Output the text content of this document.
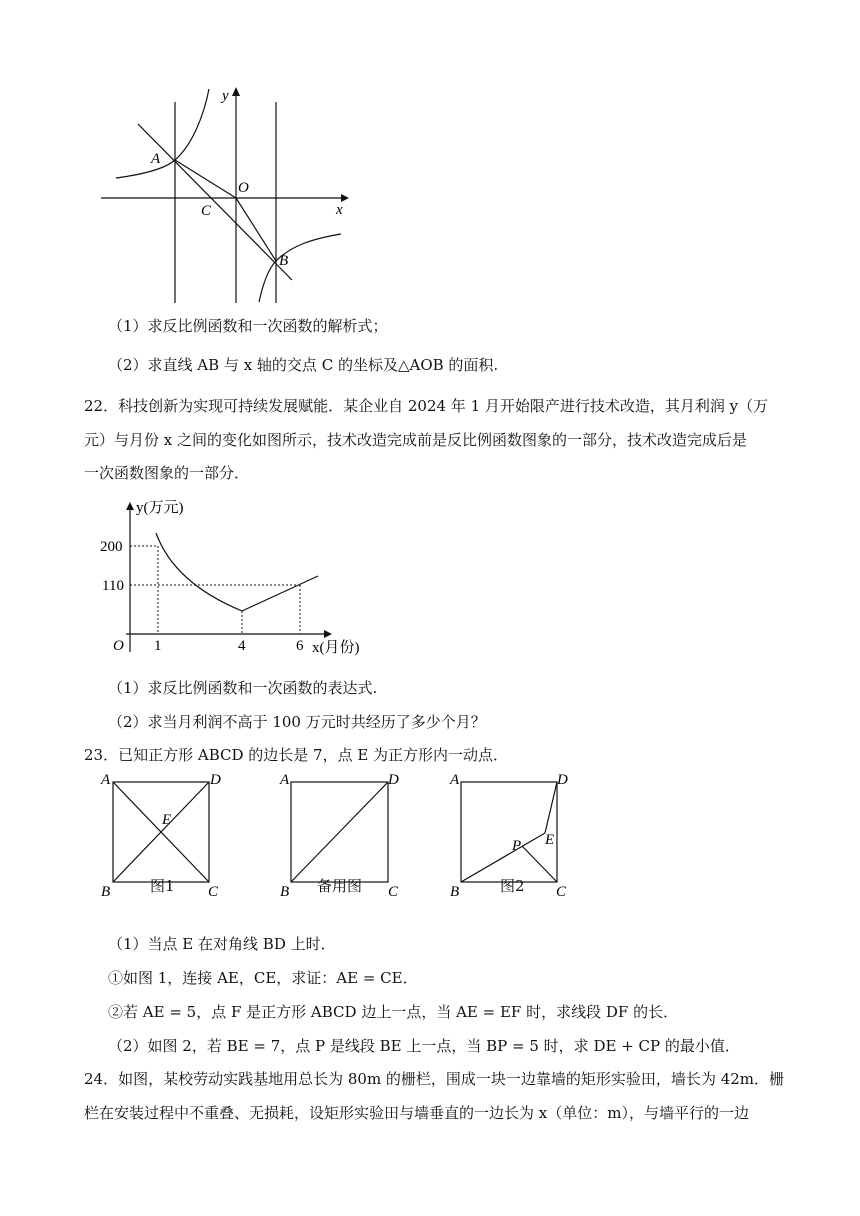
y
x
O
A
C
B
（1）求反比例函数和一次函数的解析式；
（2）求直线 AB 与 x 轴的交点 C 的坐标及△AOB 的面积.
22．科技创新为实现可持续发展赋能．某企业自 2024 年 1 月开始限产进行技术改造，其月利润 y（万
元）与月份 x 之间的变化如图所示，技术改造完成前是反比例函数图象的一部分，技术改造完成后是
一次函数图象的一部分．
y(万元)
200
110
O 1	4	6 x(月份)
（1）求反比例函数和一次函数的表达式.
（2）求当月利润不高于 100 万元时共经历了多少个月？
23．已知正方形 ABCD 的边长是 7，点 E 为正方形内一动点．
A	D
B	C
E
A	D
B	C
A	D
B	C
E
P
图1	备用图	图2
（1）当点 E 在对角线 BD 上时．
①如图 1，连接 AE，CE，求证：AE = CE．
②若 AE = 5，点 F 是正方形 ABCD 边上一点，当 AE = EF 时，求线段 DF 的长．
（2）如图 2，若 BE = 7，点 P 是线段 BE 上一点，当 BP = 5 时，求 DE + CP 的最小值．
24．如图，某校劳动实践基地用总长为 80m 的栅栏，围成一块一边靠墙的矩形实验田，墙长为 42m．栅
栏在安装过程中不重叠、无损耗，设矩形实验田与墙垂直的一边长为 x（单位：m），与墙平行的一边
